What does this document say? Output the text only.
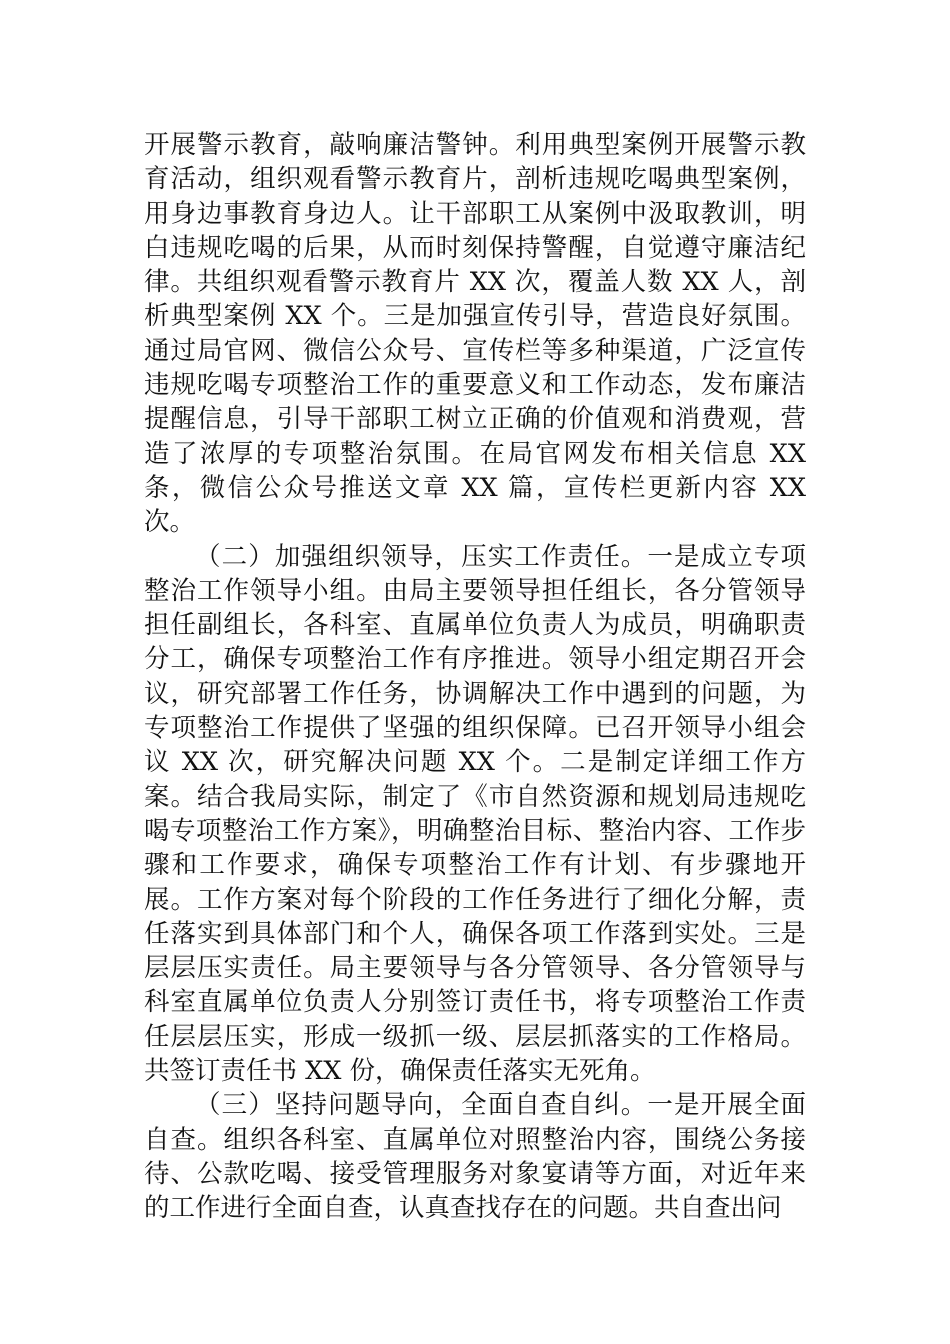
开展警示教育，敲响廉洁警钟。利用典型案例开展警示教育活动，组织观看警示教育片，剖析违规吃喝典型案例，用身边事教育身边人。让干部职工从案例中汲取教训，明白违规吃喝的后果，从而时刻保持警醒，自觉遵守廉洁纪律。共组织观看警示教育片 XX 次，覆盖人数 XX 人，剖析典型案例 XX 个。三是加强宣传引导，营造良好氛围。通过局官网、微信公众号、宣传栏等多种渠道，广泛宣传违规吃喝专项整治工作的重要意义和工作动态，发布廉洁提醒信息，引导干部职工树立正确的价值观和消费观，营造了浓厚的专项整治氛围。在局官网发布相关信息 XX 条，微信公众号推送文章 XX 篇，宣传栏更新内容 XX 次。

（二）加强组织领导，压实工作责任。一是成立专项整治工作领导小组。由局主要领导担任组长，各分管领导担任副组长，各科室、直属单位负责人为成员，明确职责分工，确保专项整治工作有序推进。领导小组定期召开会议，研究部署工作任务，协调解决工作中遇到的问题，为专项整治工作提供了坚强的组织保障。已召开领导小组会议 XX 次，研究解决问题 XX 个。二是制定详细工作方案。结合我局实际，制定了《市自然资源和规划局违规吃喝专项整治工作方案》，明确整治目标、整治内容、工作步骤和工作要求，确保专项整治工作有计划、有步骤地开展。工作方案对每个阶段的工作任务进行了细化分解，责任落实到具体部门和个人，确保各项工作落到实处。三是层层压实责任。局主要领导与各分管领导、各分管领导与科室直属单位负责人分别签订责任书，将专项整治工作责任层层压实，形成一级抓一级、层层抓落实的工作格局。共签订责任书 XX 份，确保责任落实无死角。

（三）坚持问题导向，全面自查自纠。一是开展全面自查。组织各科室、直属单位对照整治内容，围绕公务接待、公款吃喝、接受管理服务对象宴请等方面，对近年来的工作进行全面自查，认真查找存在的问题。共自查出问
